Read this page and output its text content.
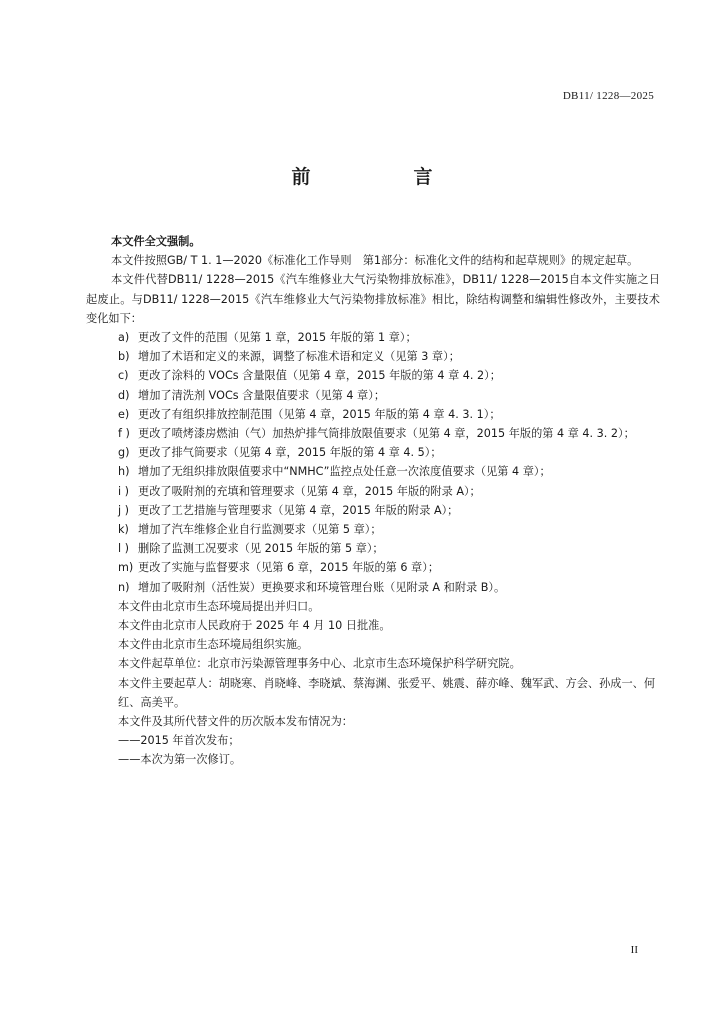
DB11/ 1228—2025
前　言

本文件全文强制。

本文件按照GB/ T 1. 1—2020《标准化工作导则　第1部分：标准化文件的结构和起草规则》的规定起草。

本文件代替DB11/ 1228—2015《汽车维修业大气污染物排放标准》，DB11/ 1228—2015自本文件实施之日起废止。与DB11/ 1228—2015《汽车维修业大气污染物排放标准》相比，除结构调整和编辑性修改外，主要技术变化如下：

a) 更改了文件的范围（见第 1 章，2015 年版的第 1 章）；
b) 增加了术语和定义的来源，调整了标准术语和定义（见第 3 章）；
c) 更改了涂料的 VOCs 含量限值（见第 4 章，2015 年版的第 4 章 4. 2）；
d) 增加了清洗剂 VOCs 含量限值要求（见第 4 章）；
e) 更改了有组织排放控制范围（见第 4 章，2015 年版的第 4 章 4. 3. 1）；
f ) 更改了喷烤漆房燃油（气）加热炉排气筒排放限值要求（见第 4 章，2015 年版的第 4 章 4. 3. 2）；
g) 更改了排气筒要求（见第 4 章，2015 年版的第 4 章 4. 5）；
h) 增加了无组织排放限值要求中“NMHC”监控点处任意一次浓度值要求（见第 4 章）；
i ) 更改了吸附剂的充填和管理要求（见第 4 章，2015 年版的附录 A）；
j ) 更改了工艺措施与管理要求（见第 4 章，2015 年版的附录 A）；
k) 增加了汽车维修企业自行监测要求（见第 5 章）；
l ) 删除了监测工况要求（见 2015 年版的第 5 章）；
m) 更改了实施与监督要求（见第 6 章，2015 年版的第 6 章）；
n) 增加了吸附剂（活性炭）更换要求和环境管理台账（见附录 A 和附录 B）。

本文件由北京市生态环境局提出并归口。

本文件由北京市人民政府于 2025 年 4 月 10 日批准。

本文件由北京市生态环境局组织实施。

本文件起草单位：北京市污染源管理事务中心、北京市生态环境保护科学研究院。

本文件主要起草人：胡晓寒、肖晓峰、李晓斌、蔡海渊、张爱平、姚震、薛亦峰、魏军武、方会、孙成一、何红、高美平。

本文件及其所代替文件的历次版本发布情况为：

——2015 年首次发布；

——本次为第一次修订。

II
